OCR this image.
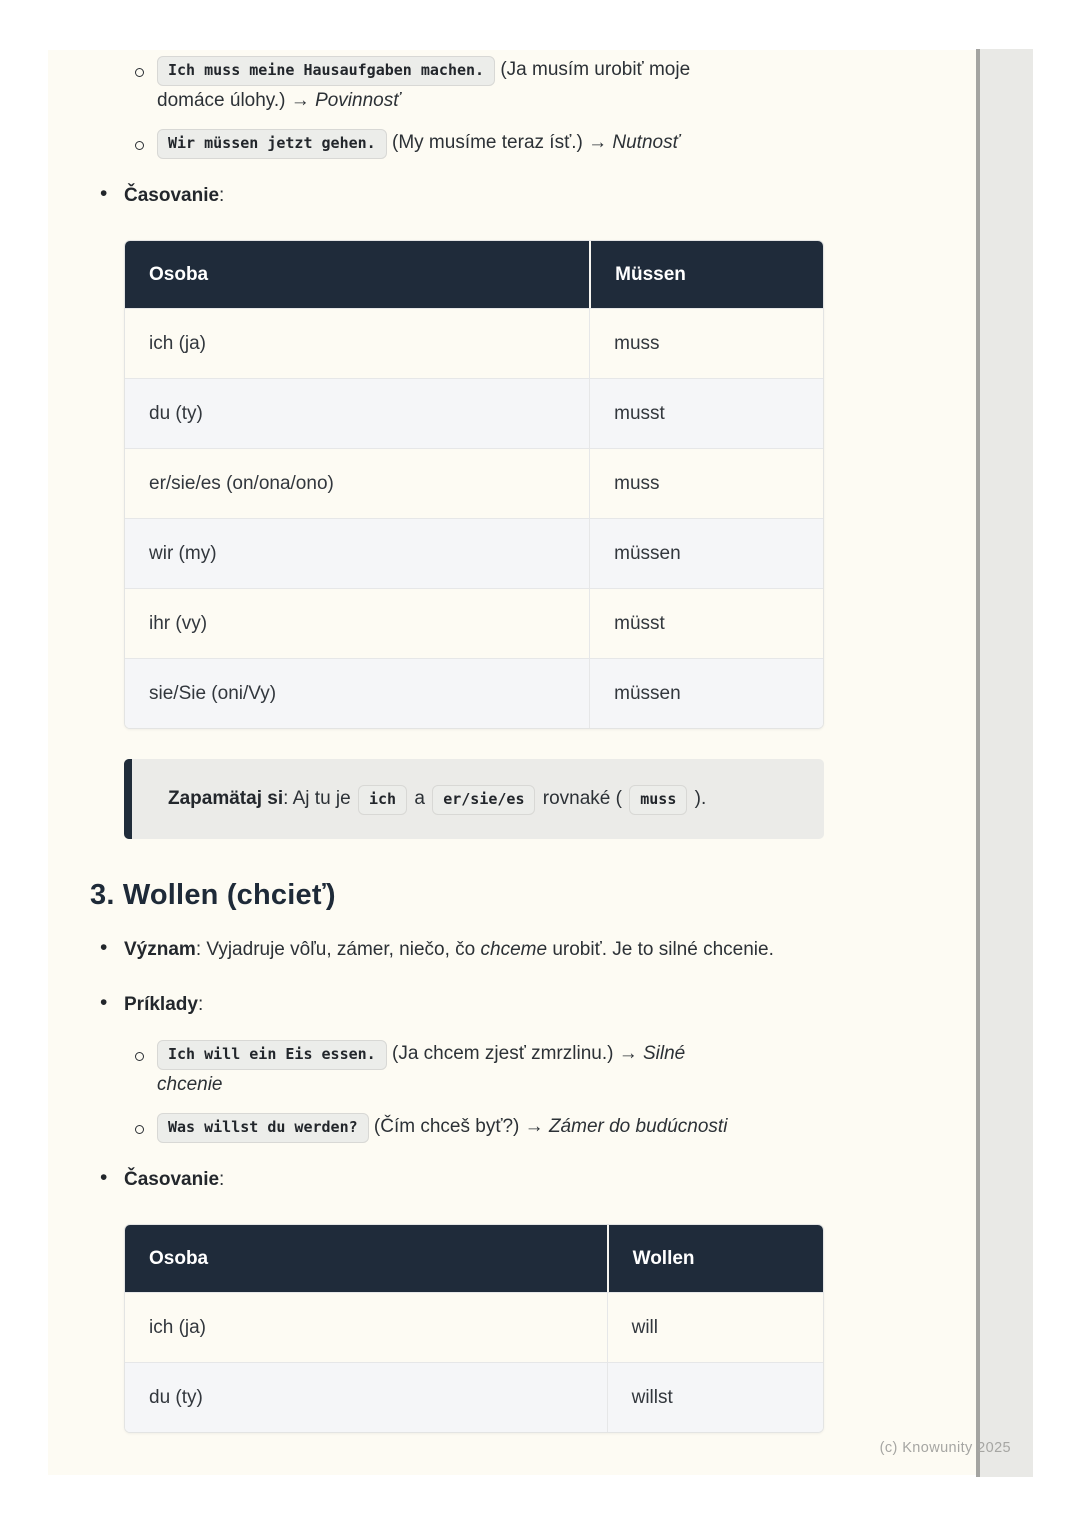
Ich muss meine Hausaufgaben machen. (Ja musím urobiť moje domáce úlohy.) → Povinnosť
Wir müssen jetzt gehen. (My musíme teraz ísť.) → Nutnosť
• Časovanie:
Osoba	Müssen
ich (ja)	muss
du (ty)	musst
er/sie/es (on/ona/ono)	muss
wir (my)	müssen
ihr (vy)	müsst
sie/Sie (oni/Vy)	müssen
Zapamätaj si: Aj tu je ich a er/sie/es rovnaké ( muss ).
3. Wollen (chcieť)
• Význam: Vyjadruje vôľu, zámer, niečo, čo chceme urobiť. Je to silné chcenie.
• Príklady:
Ich will ein Eis essen. (Ja chcem zjesť zmrzlinu.) → Silné chcenie
Was willst du werden? (Čím chceš byť?) → Zámer do budúcnosti
• Časovanie:
Osoba	Wollen
ich (ja)	will
du (ty)	willst
(c) Knowunity 2025
